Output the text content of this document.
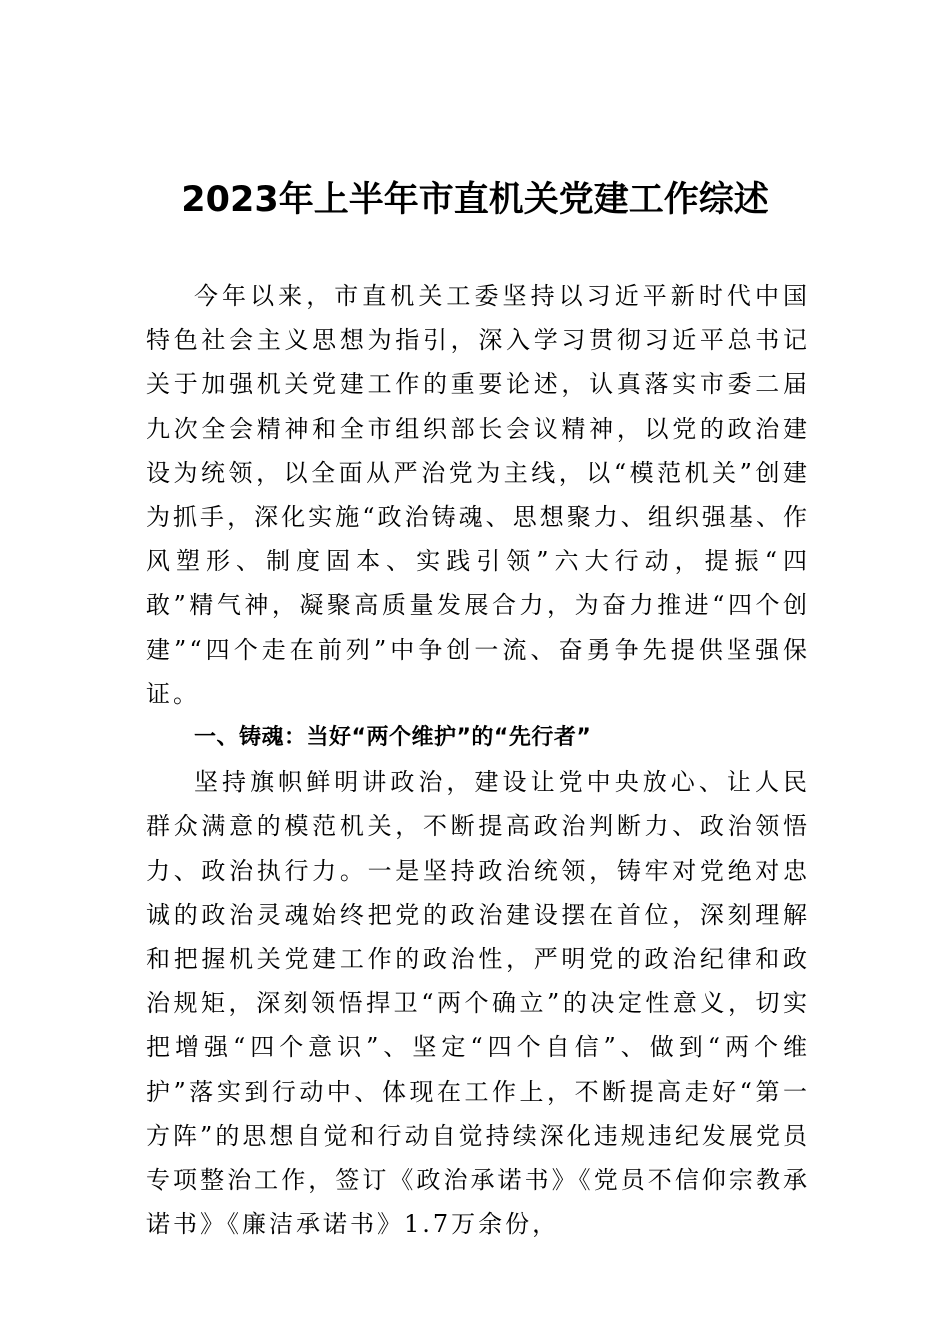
2023年上半年市直机关党建工作综述

今年以来，市直机关工委坚持以习近平新时代中国特色社会主义思想为指引，深入学习贯彻习近平总书记关于加强机关党建工作的重要论述，认真落实市委二届九次全会精神和全市组织部长会议精神，以党的政治建设为统领，以全面从严治党为主线，以“模范机关”创建为抓手，深化实施“政治铸魂、思想聚力、组织强基、作风塑形、制度固本、实践引领”六大行动，提振“四敢”精气神，凝聚高质量发展合力，为奋力推进“四个创建”“四个走在前列”中争创一流、奋勇争先提供坚强保证。

一、铸魂：当好“两个维护”的“先行者”

坚持旗帜鲜明讲政治，建设让党中央放心、让人民群众满意的模范机关，不断提高政治判断力、政治领悟力、政治执行力。一是坚持政治统领，铸牢对党绝对忠诚的政治灵魂始终把党的政治建设摆在首位，深刻理解和把握机关党建工作的政治性，严明党的政治纪律和政治规矩，深刻领悟捍卫“两个确立”的决定性意义，切实把增强“四个意识”、坚定“四个自信”、做到“两个维护”落实到行动中、体现在工作上，不断提高走好“第一方阵”的思想自觉和行动自觉持续深化违规违纪发展党员专项整治工作，签订《政治承诺书》《党员不信仰宗教承诺书》《廉洁承诺书》1.7万余份，
